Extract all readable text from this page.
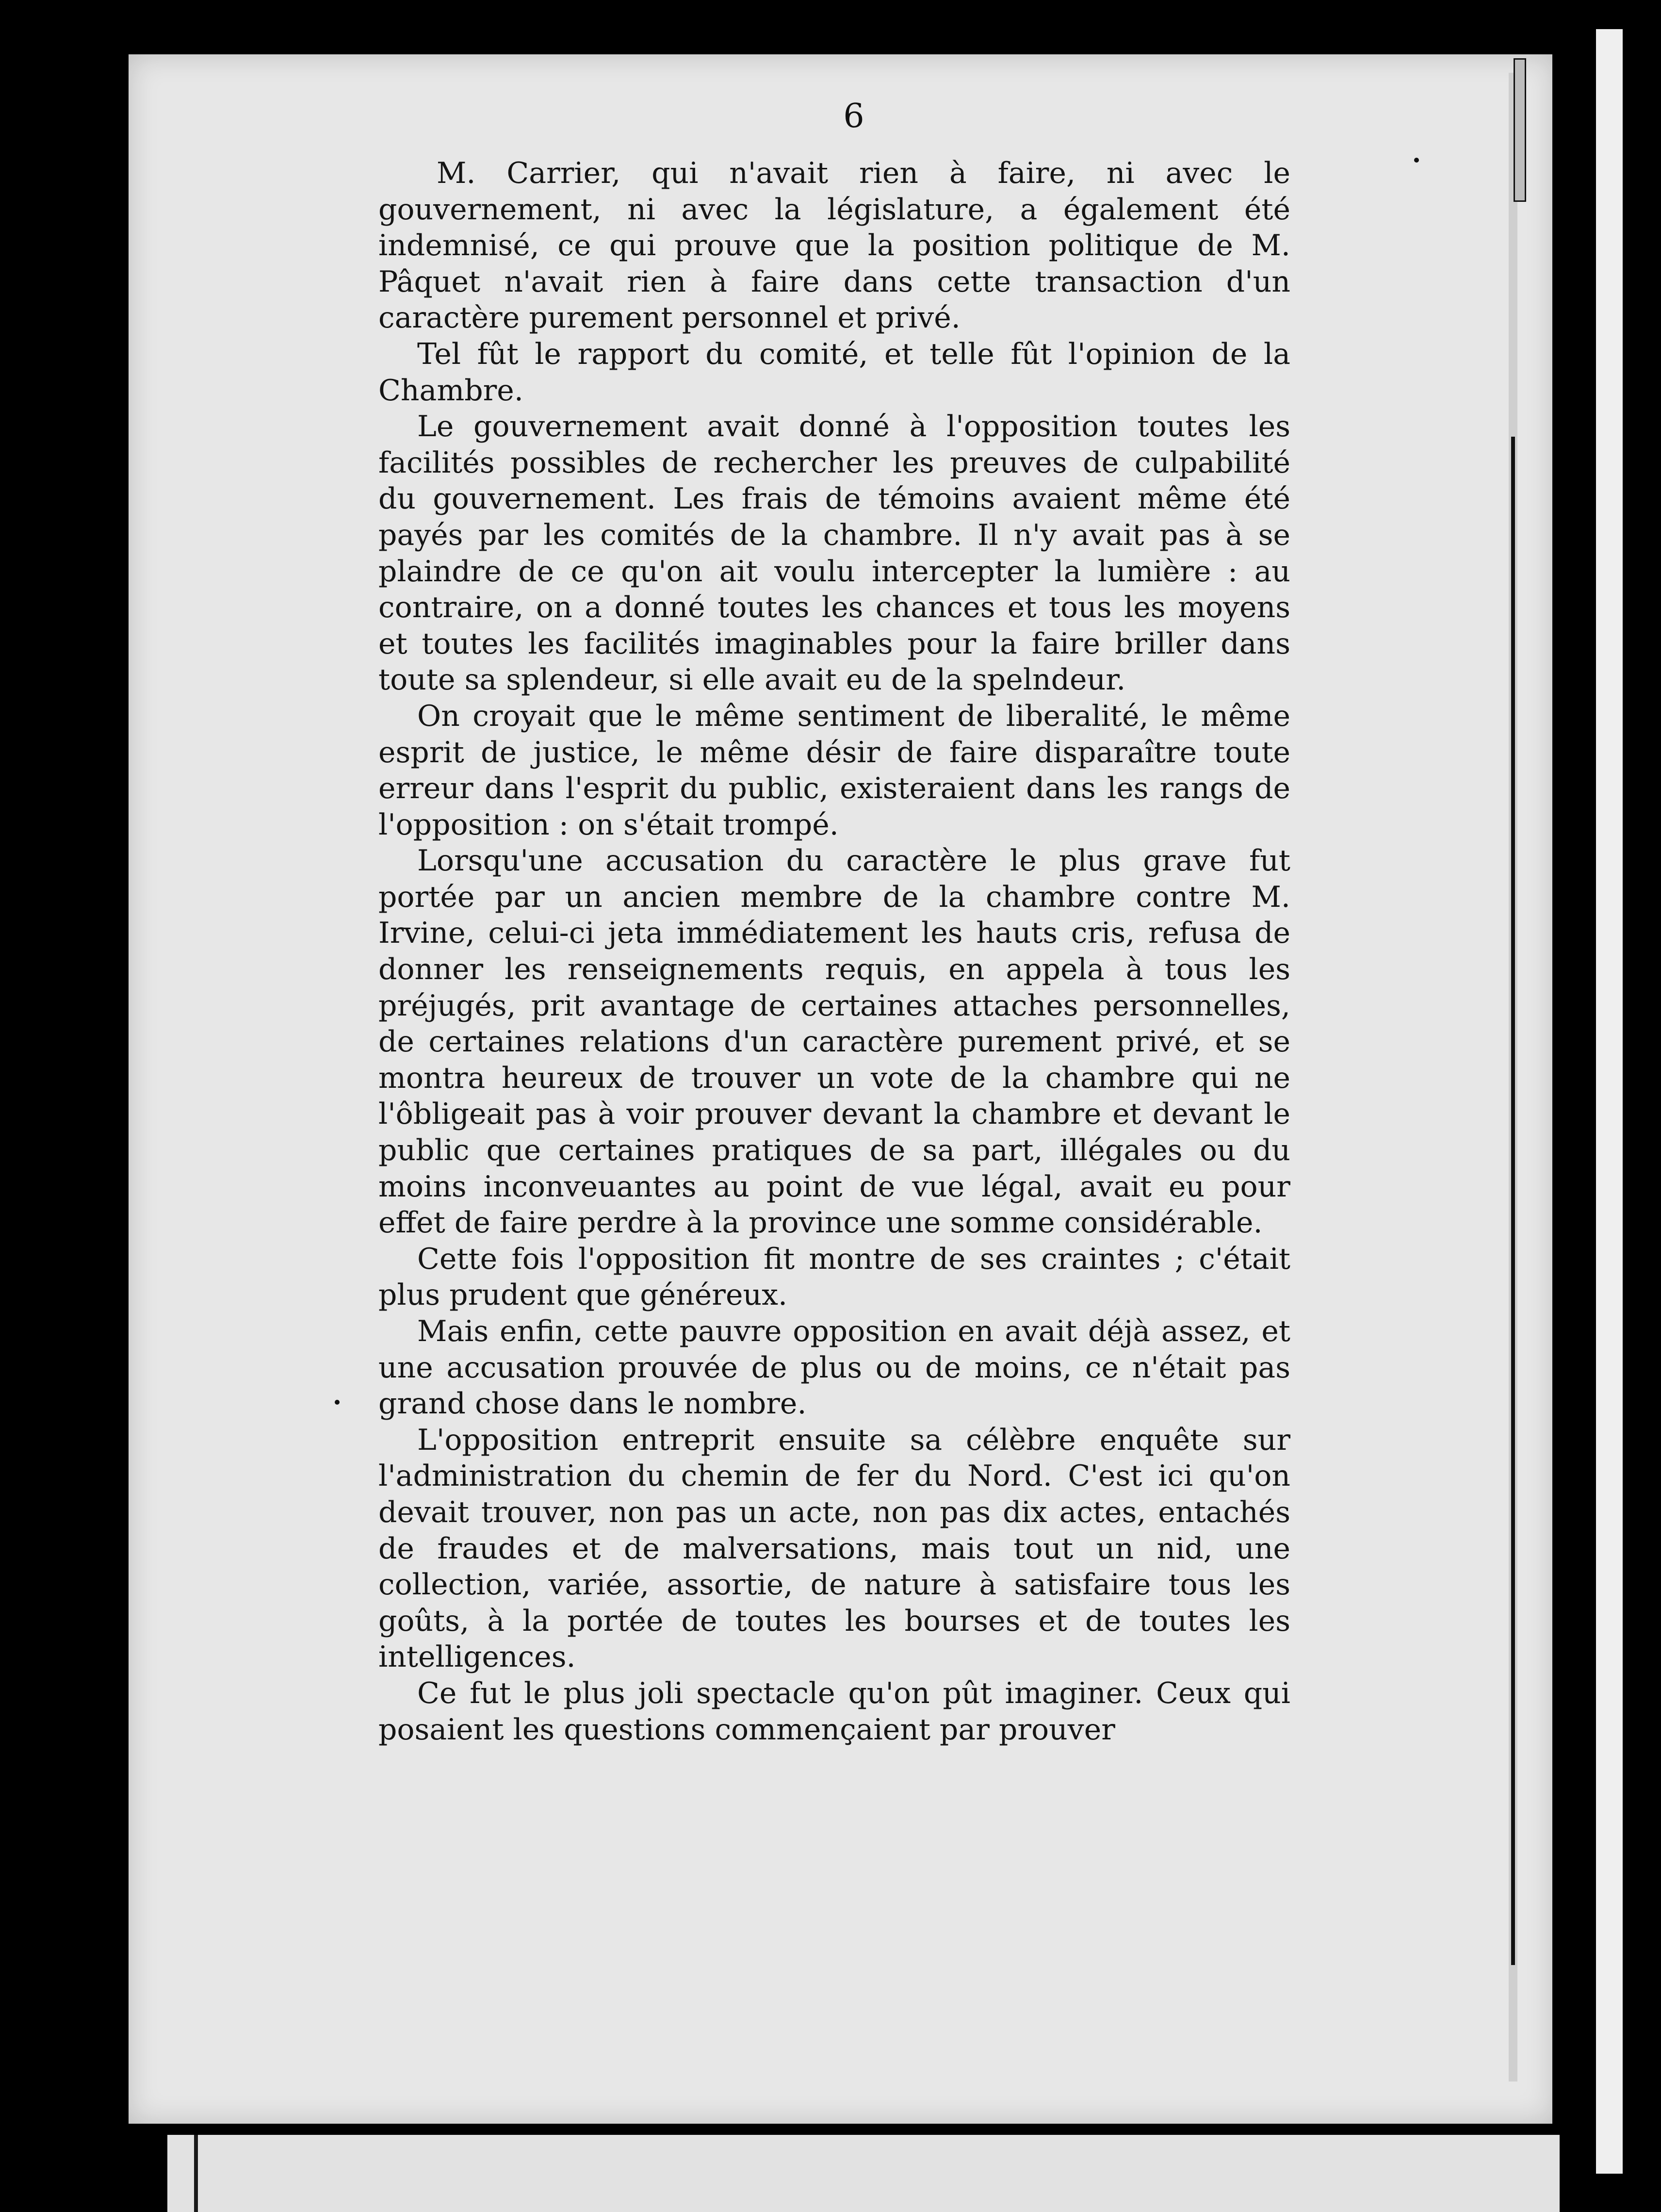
6

M. Carrier, qui n'avait rien à faire, ni avec le gouvernement, ni avec la législature, a également été indemnisé, ce qui prouve que la position politique de M. Pâquet n'avait rien à faire dans cette transaction d'un caractère purement personnel et privé.

Tel fût le rapport du comité, et telle fût l'opinion de la Chambre.

Le gouvernement avait donné à l'opposition toutes les facilités possibles de rechercher les preuves de culpabilité du gouvernement. Les frais de témoins avaient même été payés par les comités de la chambre. Il n'y avait pas à se plaindre de ce qu'on ait voulu intercepter la lumière : au contraire, on a donné toutes les chances et tous les moyens et toutes les facilités imaginables pour la faire briller dans toute sa splendeur, si elle avait eu de la spelndeur.

On croyait que le même sentiment de liberalité, le même esprit de justice, le même désir de faire disparaître toute erreur dans l'esprit du public, existeraient dans les rangs de l'opposition : on s'était trompé.

Lorsqu'une accusation du caractère le plus grave fut portée par un ancien membre de la chambre contre M. Irvine, celui-ci jeta immédiatement les hauts cris, refusa de donner les renseignements requis, en appela à tous les préjugés, prit avantage de certaines attaches personnelles, de certaines relations d'un caractère purement privé, et se montra heureux de trouver un vote de la chambre qui ne l'ôbligeait pas à voir prouver devant la chambre et devant le public que certaines pratiques de sa part, illégales ou du moins inconveuantes au point de vue légal, avait eu pour effet de faire perdre à la province une somme considérable.

Cette fois l'opposition fit montre de ses craintes ; c'était plus prudent que généreux.

Mais enfin, cette pauvre opposition en avait déjà assez, et une accusation prouvée de plus ou de moins, ce n'était pas grand chose dans le nombre.

L'opposition entreprit ensuite sa célèbre enquête sur l'administration du chemin de fer du Nord. C'est ici qu'on devait trouver, non pas un acte, non pas dix actes, entachés de fraudes et de malversations, mais tout un nid, une collection, variée, assortie, de nature à satisfaire tous les goûts, à la portée de toutes les bourses et de toutes les intelligences.

Ce fut le plus joli spectacle qu'on pût imaginer. Ceux qui posaient les questions commençaient par prouver
